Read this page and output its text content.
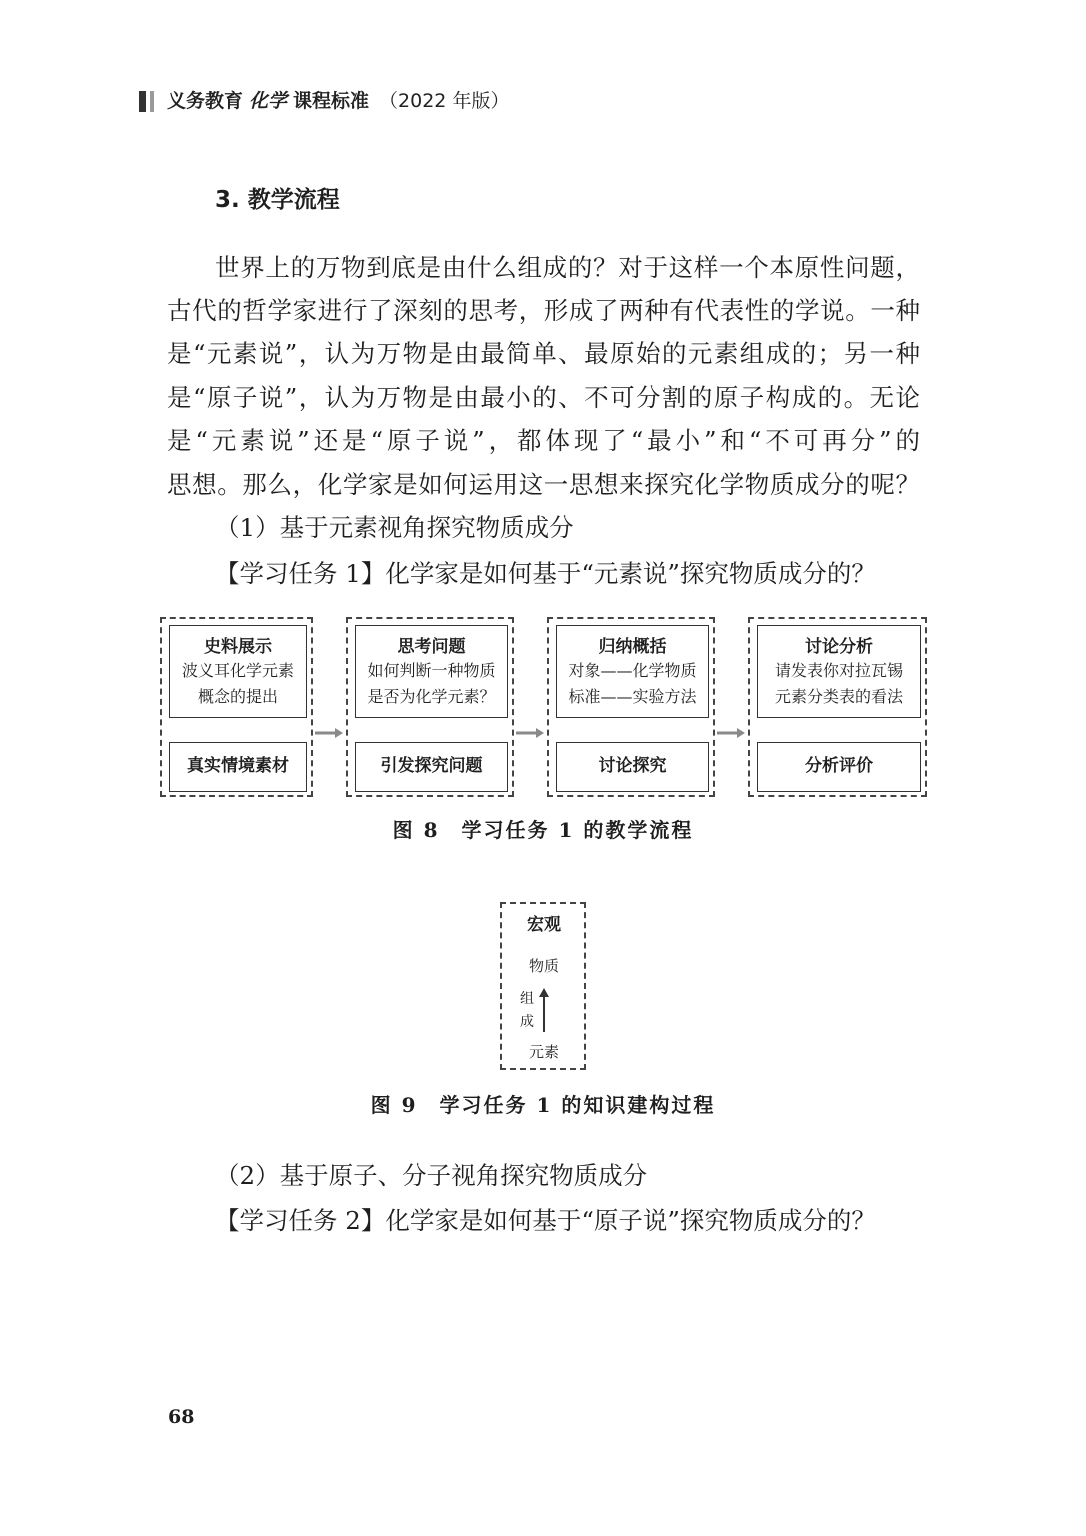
义务教育 化学 课程标准 （2022 年版）
3. 教学流程
世界上的万物到底是由什么组成的？对于这样一个本原性问题，
古代的哲学家进行了深刻的思考，形成了两种有代表性的学说。一种
是“元素说”，认为万物是由最简单、最原始的元素组成的；另一种
是“原子说”，认为万物是由最小的、不可分割的原子构成的。无论
是“元素说”还是“原子说”，都体现了“最小”和“不可再分”的
思想。那么，化学家是如何运用这一思想来探究化学物质成分的呢？
（1）基于元素视角探究物质成分
【学习任务 1】化学家是如何基于“元素说”探究物质成分的？
史料展示
波义耳化学元素
概念的提出
真实情境素材
思考问题
如何判断一种物质
是否为化学元素？
引发探究问题
归纳概括
对象——化学物质
标准——实验方法
讨论探究
讨论分析
请发表你对拉瓦锡
元素分类表的看法
分析评价
图 8　学习任务 1 的教学流程
宏观
物质
组
成
元素
图 9　学习任务 1 的知识建构过程
（2）基于原子、分子视角探究物质成分
【学习任务 2】化学家是如何基于“原子说”探究物质成分的？
68
